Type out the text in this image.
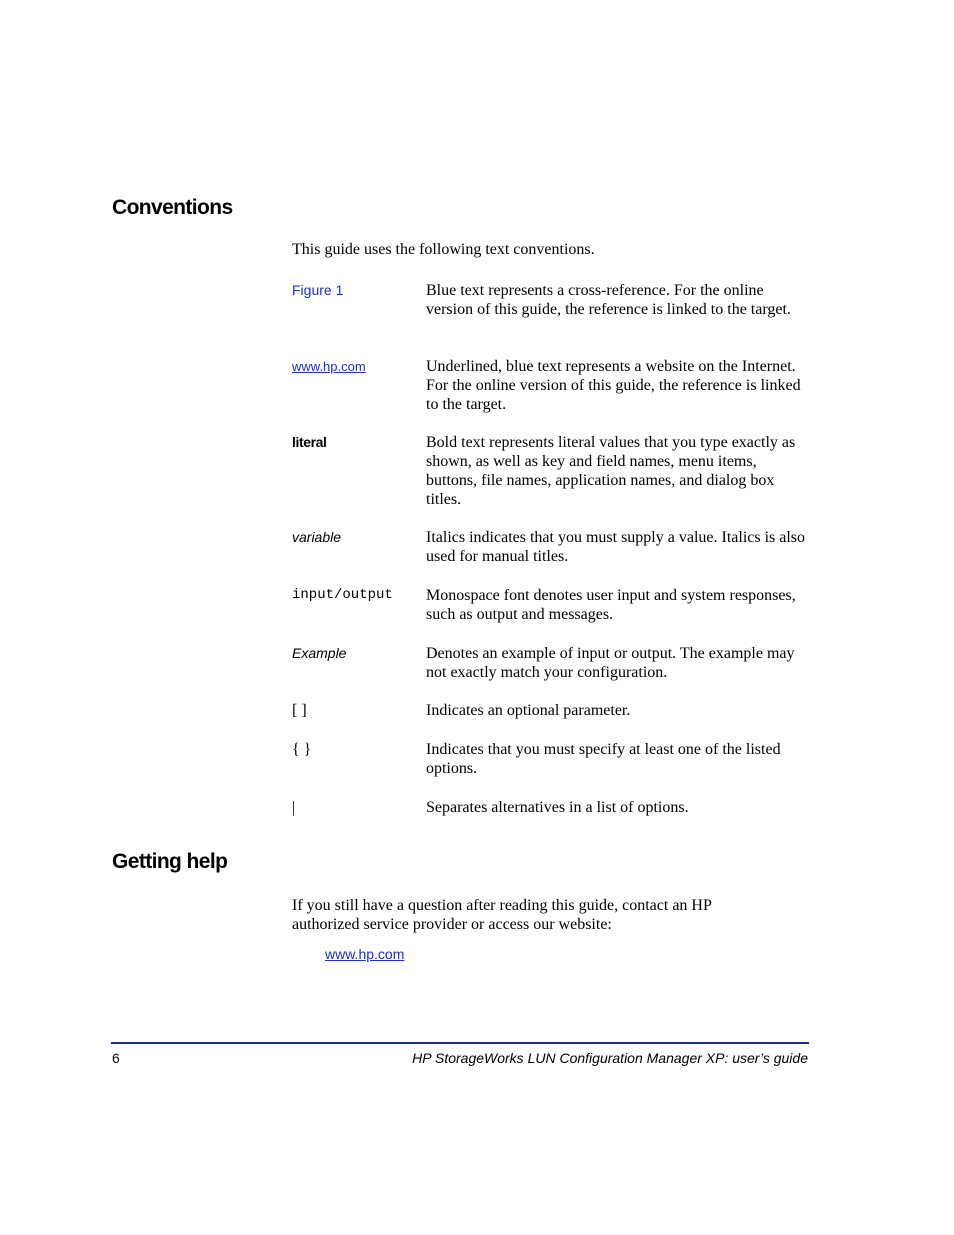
Conventions

This guide uses the following text conventions.

Figure 1	Blue text represents a cross-reference. For the online version of this guide, the reference is linked to the target.
www.hp.com	Underlined, blue text represents a website on the Internet. For the online version of this guide, the reference is linked to the target.
literal	Bold text represents literal values that you type exactly as shown, as well as key and field names, menu items, buttons, file names, application names, and dialog box titles.
variable	Italics indicates that you must supply a value. Italics is also used for manual titles.
input/output	Monospace font denotes user input and system responses, such as output and messages.
Example	Denotes an example of input or output. The example may not exactly match your configuration.
[ ]	Indicates an optional parameter.
{ }	Indicates that you must specify at least one of the listed options.
|	Separates alternatives in a list of options.
Getting help

If you still have a question after reading this guide, contact an HP authorized service provider or access our website:

www.hp.com
6	HP StorageWorks LUN Configuration Manager XP: user’s guide
